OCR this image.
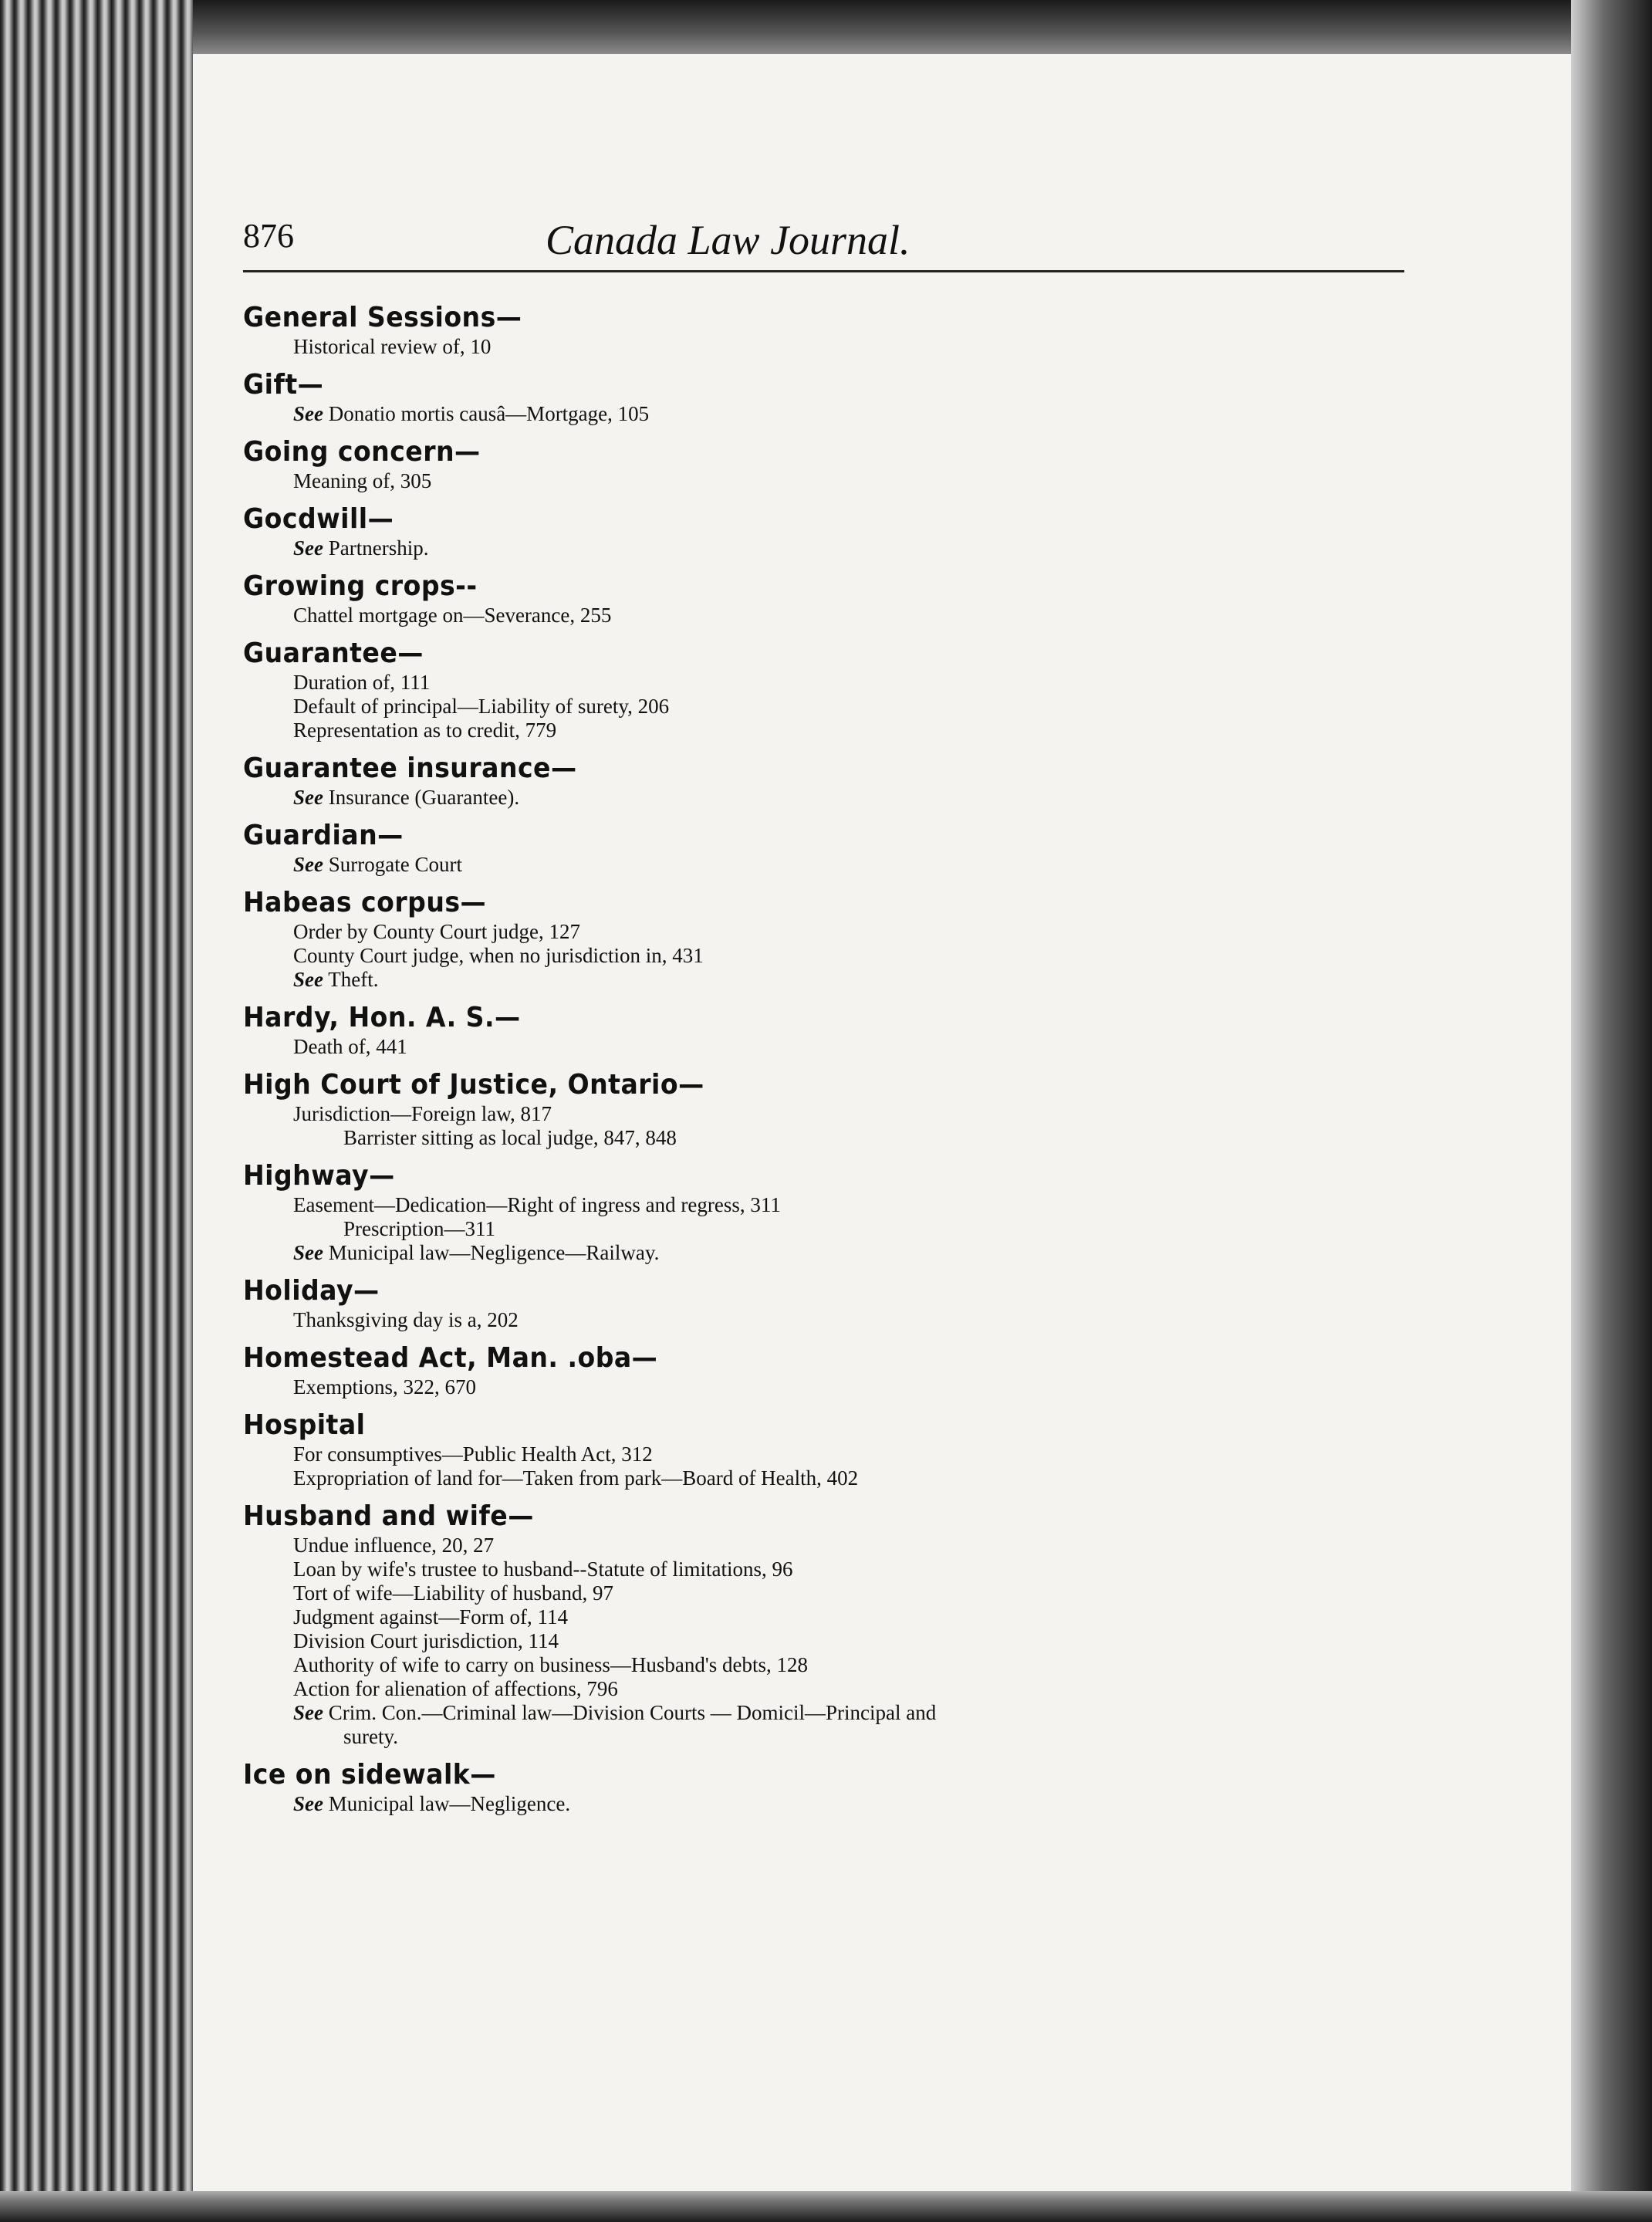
876	Canada Law Journal.
General Sessions—
Historical review of, 10
Gift—
See Donatio mortis causâ—Mortgage, 105
Going concern—
Meaning of, 305
Gocdwill—
See Partnership.
Growing crops--
Chattel mortgage on—Severance, 255
Guarantee—
Duration of, 111
Default of principal—Liability of surety, 206
Representation as to credit, 779
Guarantee insurance—
See Insurance (Guarantee).
Guardian—
See Surrogate Court
Habeas corpus—
Order by County Court judge, 127
County Court judge, when no jurisdiction in, 431
See Theft.
Hardy, Hon. A. S.—
Death of, 441
High Court of Justice, Ontario—
Jurisdiction—Foreign law, 817
Barrister sitting as local judge, 847, 848
Highway—
Easement—Dedication—Right of ingress and regress, 311
Prescription—311
See Municipal law—Negligence—Railway.
Holiday—
Thanksgiving day is a, 202
Homestead Act, Man. .oba—
Exemptions, 322, 670
Hospital
For consumptives—Public Health Act, 312
Expropriation of land for—Taken from park—Board of Health, 402
Husband and wife—
Undue influence, 20, 27
Loan by wife's trustee to husband--Statute of limitations, 96
Tort of wife—Liability of husband, 97
Judgment against—Form of, 114
Division Court jurisdiction, 114
Authority of wife to carry on business—Husband's debts, 128
Action for alienation of affections, 796
See Crim. Con.—Criminal law—Division Courts — Domicil—Principal and
surety.
Ice on sidewalk—
See Municipal law—Negligence.
